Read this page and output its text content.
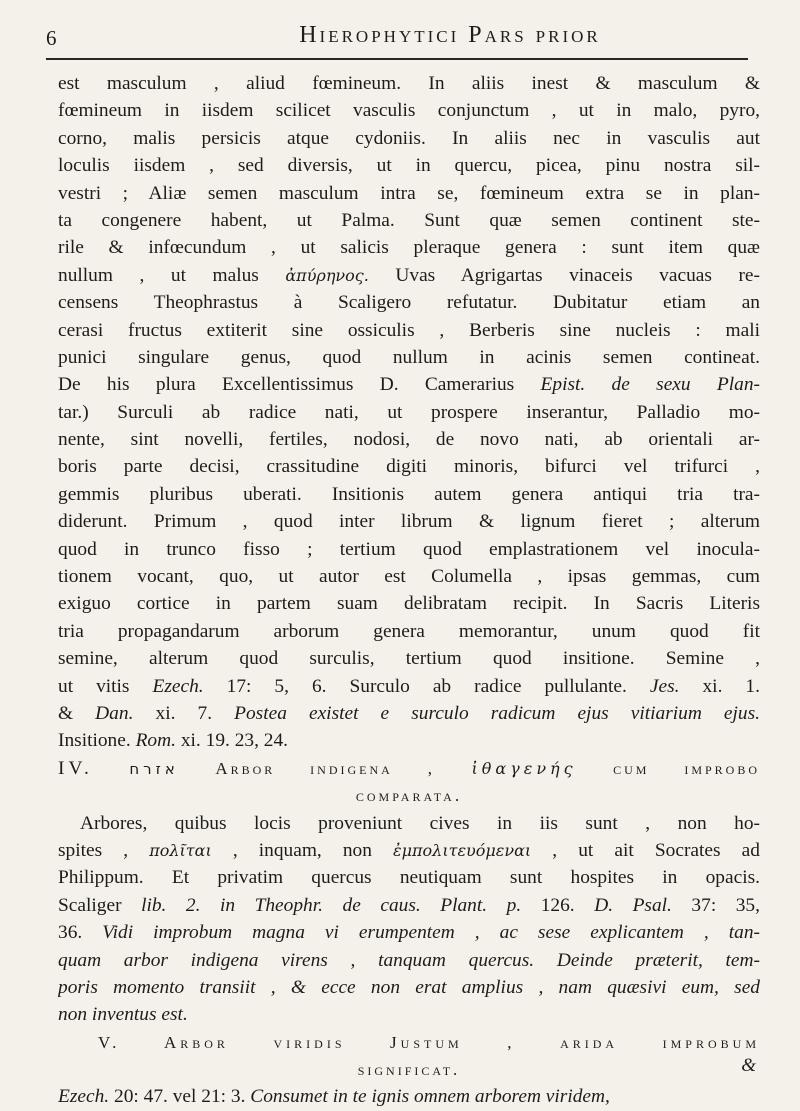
6	Hierophytici Pars prior
est masculum , aliud fœmineum. In aliis inest & masculum &
fœmineum in iisdem scilicet vasculis conjunctum , ut in malo, pyro,
corno, malis persicis atque cydoniis. In aliis nec in vasculis aut
loculis iisdem , sed diversis, ut in quercu, picea, pinu nostra sil-
vestri ; Aliæ semen masculum intra se, fœmineum extra se in plan-
ta congenere habent, ut Palma. Sunt quæ semen continent ste-
rile & infœcundum , ut salicis pleraque genera : sunt item quæ
nullum , ut malus ἀπύρηνος. Uvas Agrigartas vinaceis vacuas re-
censens Theophrastus à Scaligero refutatur. Dubitatur etiam an
cerasi fructus extiterit sine ossiculis , Berberis sine nucleis : mali
punici singulare genus, quod nullum in acinis semen contineat.
De his plura Excellentissimus D. Camerarius Epist. de sexu Plan-
tar.) Surculi ab radice nati, ut prospere inserantur, Palladio mo-
nente, sint novelli, fertiles, nodosi, de novo nati, ab orientali ar-
boris parte decisi, crassitudine digiti minoris, bifurci vel trifurci ,
gemmis pluribus uberati. Insitionis autem genera antiqui tria tra-
diderunt. Primum , quod inter librum & lignum fieret ; alterum
quod in trunco fisso ; tertium quod emplastrationem vel inocula-
tionem vocant, quo, ut autor est Columella , ipsas gemmas, cum
exiguo cortice in partem suam delibratam recipit. In Sacris Literis
tria propagandarum arborum genera memorantur, unum quod fit
semine, alterum quod surculis, tertium quod insitione. Semine ,
ut vitis Ezech. 17: 5, 6. Surculo ab radice pullulante. Jes. xi. 1.
& Dan. xi. 7. Postea existet e surculo radicum ejus vitiarium ejus.
Insitione. Rom. xi. 19. 23, 24.
IV. אזרח Arbor indigena , ἰθαγενής cum improbo
comparata.
Arbores, quibus locis proveniunt cives in iis sunt , non ho-
spites , πολῖται , inquam, non ἐμπολιτευόμεναι , ut ait Socrates ad
Philippum. Et privatim quercus neutiquam sunt hospites in opacis.
Scaliger lib. 2. in Theophr. de caus. Plant. p. 126. D. Psal. 37: 35,
36. Vidi improbum magna vi erumpentem , ac sese explicantem , tan-
quam arbor indigena virens , tanquam quercus. Deinde præterit, tem-
poris momento transiit , & ecce non erat amplius , nam quæsivi eum, sed
non inventus est.
V. Arbor viridis Justum , arida improbum
significat.
Ezech. 20: 47. vel 21: 3. Consumet in te ignis omnem arborem viridem,
&
